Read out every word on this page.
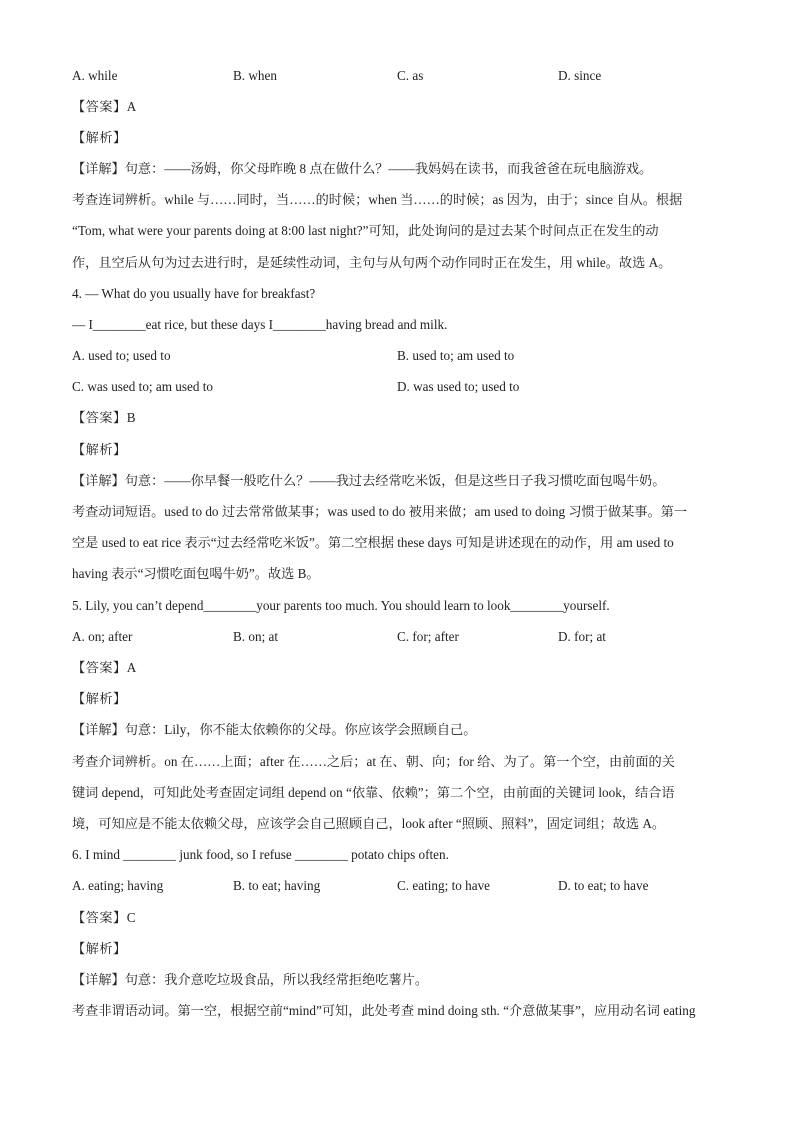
A. while	B. when	C. as	D. since
【答案】A
【解析】
【详解】句意：——汤姆，你父母昨晚 8 点在做什么？——我妈妈在读书，而我爸爸在玩电脑游戏。
考查连词辨析。while 与……同时，当……的时候；when 当……的时候；as 因为，由于；since 自从。根据
“Tom, what were your parents doing at 8:00 last night?”可知，此处询问的是过去某个时间点正在发生的动
作，且空后从句为过去进行时，是延续性动词，主句与从句两个动作同时正在发生，用 while。故选 A。
4. — What do you usually have for breakfast?
— I________eat rice, but these days I________having bread and milk.
A. used to; used to	B. used to; am used to
C. was used to; am used to	D. was used to; used to
【答案】B
【解析】
【详解】句意：——你早餐一般吃什么？——我过去经常吃米饭，但是这些日子我习惯吃面包喝牛奶。
考查动词短语。used to do 过去常常做某事；was used to do 被用来做；am used to doing 习惯于做某事。第一
空是 used to eat rice 表示“过去经常吃米饭”。第二空根据 these days 可知是讲述现在的动作，用 am used to
having 表示“习惯吃面包喝牛奶”。故选 B。
5. Lily, you can’t depend________your parents too much. You should learn to look________yourself.
A. on; after	B. on; at	C. for; after	D. for; at
【答案】A
【解析】
【详解】句意：Lily，你不能太依赖你的父母。你应该学会照顾自己。
考查介词辨析。on 在……上面；after 在……之后；at 在、朝、向；for 给、为了。第一个空，由前面的关
键词 depend，可知此处考查固定词组 depend on “依靠、依赖”；第二个空，由前面的关键词 look，结合语
境，可知应是不能太依赖父母，应该学会自己照顾自己，look after “照顾、照料”，固定词组；故选 A。
6. I mind ________ junk food, so I refuse ________ potato chips often.
A. eating; having	B. to eat; having	C. eating; to have	D. to eat; to have
【答案】C
【解析】
【详解】句意：我介意吃垃圾食品，所以我经常拒绝吃薯片。
考查非谓语动词。第一空，根据空前“mind”可知，此处考查 mind doing sth. “介意做某事”，应用动名词 eating
